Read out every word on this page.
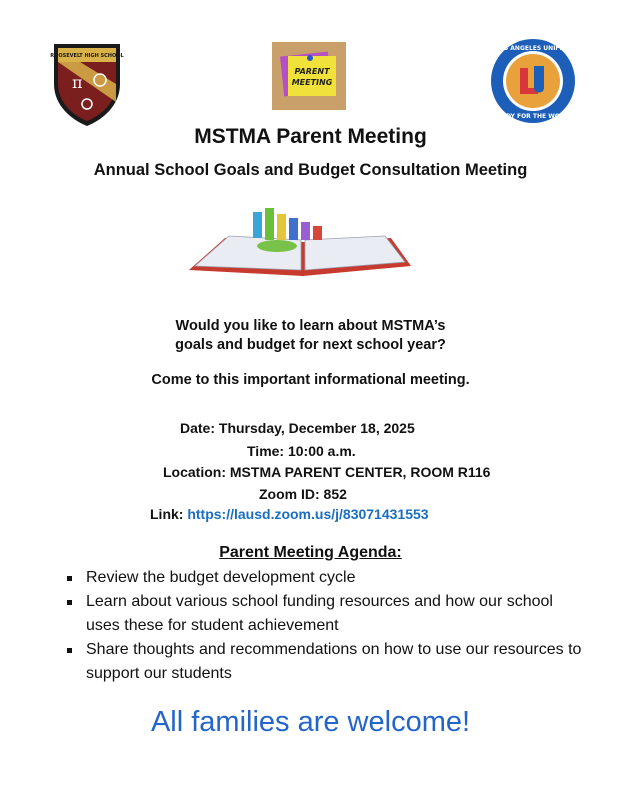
ROOSEVELT HIGH SCHOOL
π
PARENT
MEETING
LOS ANGELES UNIFIED
READY FOR THE WORLD
MSTMA Parent Meeting
Annual School Goals and Budget Consultation Meeting
Would you like to learn about MSTMA’s
goals and budget for next school year?
Come to this important informational meeting.
Date: Thursday, December 18, 2025
Time: 10:00 a.m.
Location: MSTMA PARENT CENTER, ROOM R116
Zoom ID: 852
Link: https://lausd.zoom.us/j/83071431553
Parent Meeting Agenda:
Review the budget development cycle
Learn about various school funding resources and how our school uses these for student achievement
Share thoughts and recommendations on how to use our resources to support our students
All families are welcome!
